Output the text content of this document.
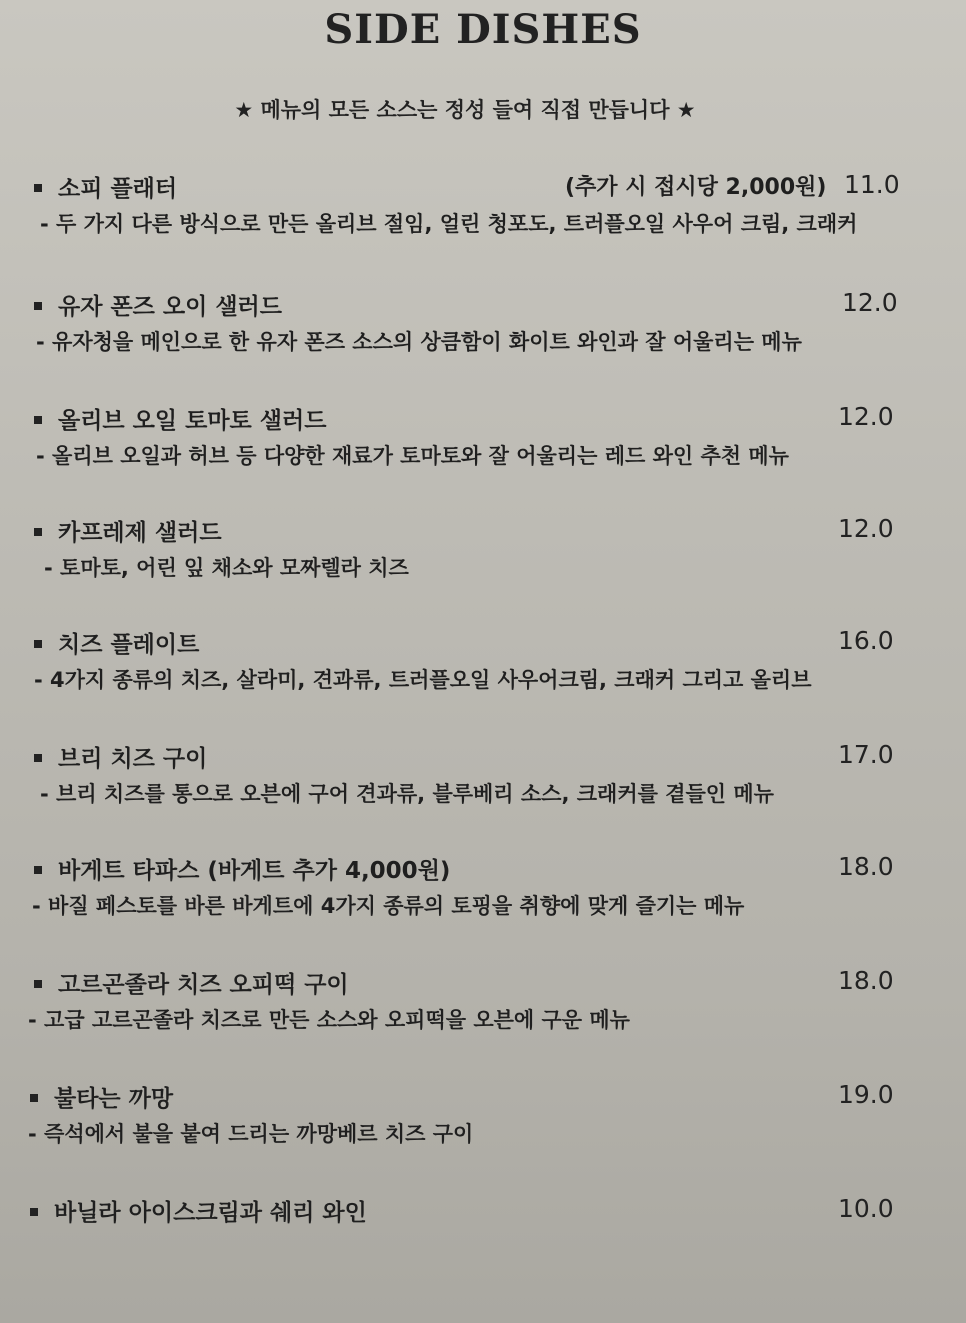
SIDE DISHES
★ 메뉴의 모든 소스는 정성 들여 직접 만듭니다 ★
소피 플래터	(추가 시 접시당 2,000원) 11.0
- 두 가지 다른 방식으로 만든 올리브 절임, 얼린 청포도, 트러플오일 사우어 크림, 크래커
유자 폰즈 오이 샐러드	12.0
- 유자청을 메인으로 한 유자 폰즈 소스의 상큼함이 화이트 와인과 잘 어울리는 메뉴
올리브 오일 토마토 샐러드	12.0
- 올리브 오일과 허브 등 다양한 재료가 토마토와 잘 어울리는 레드 와인 추천 메뉴
카프레제 샐러드	12.0
- 토마토, 어린 잎 채소와 모짜렐라 치즈
치즈 플레이트	16.0
- 4가지 종류의 치즈, 살라미, 견과류, 트러플오일 사우어크림, 크래커 그리고 올리브
브리 치즈 구이	17.0
- 브리 치즈를 통으로 오븐에 구어 견과류, 블루베리 소스, 크래커를 곁들인 메뉴
바게트 타파스 (바게트 추가 4,000원)	18.0
- 바질 페스토를 바른 바게트에 4가지 종류의 토핑을 취향에 맞게 즐기는 메뉴
고르곤졸라 치즈 오피떡 구이	18.0
- 고급 고르곤졸라 치즈로 만든 소스와 오피떡을 오븐에 구운 메뉴
불타는 까망	19.0
- 즉석에서 불을 붙여 드리는 까망베르 치즈 구이
바닐라 아이스크림과 쉐리 와인	10.0
